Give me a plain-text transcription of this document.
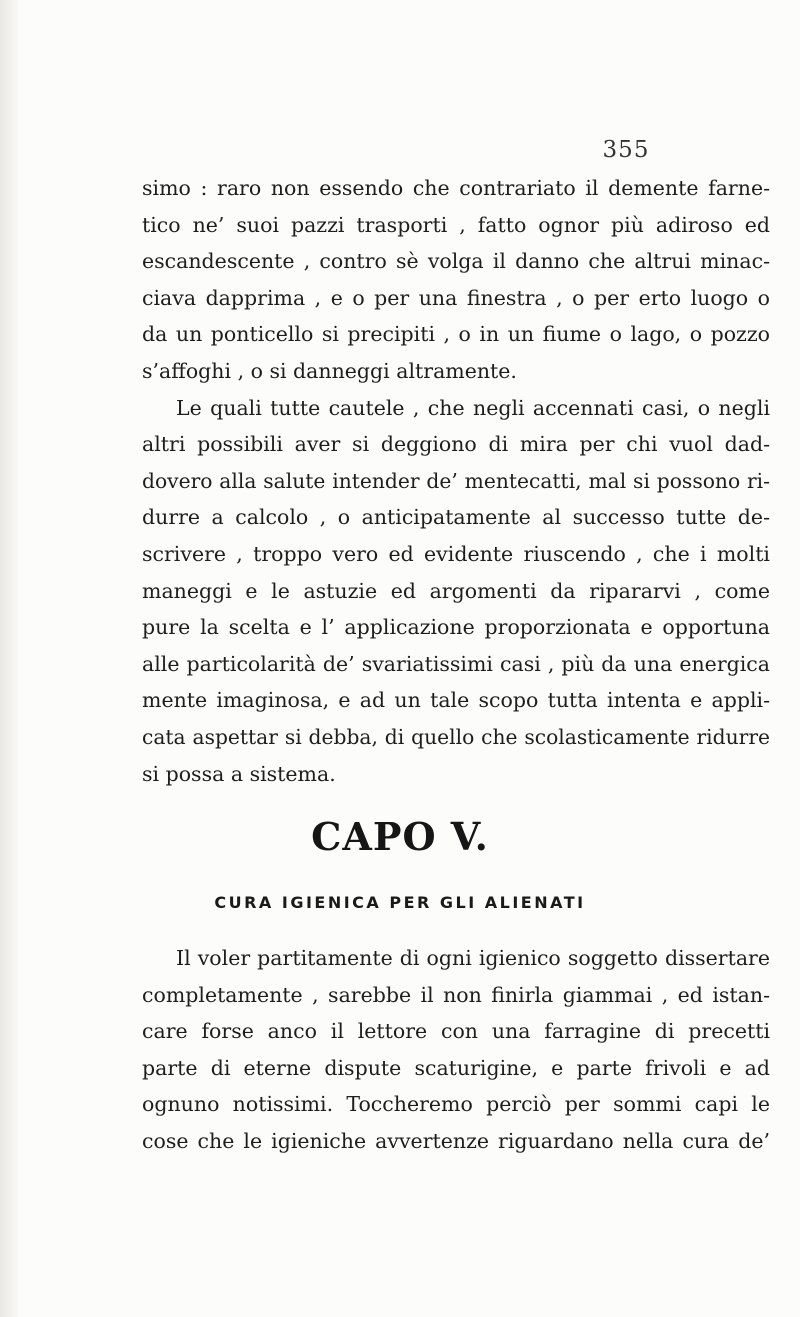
355
simo : raro non essendo che contrariato il demente farne-
tico ne’ suoi pazzi trasporti , fatto ognor più adiroso ed
escandescente , contro sè volga il danno che altrui minac-
ciava dapprima , e o per una finestra , o per erto luogo o
da un ponticello si precipiti , o in un fiume o lago, o pozzo
s’affoghi , o si danneggi altramente.
Le quali tutte cautele , che negli accennati casi, o negli
altri possibili aver si deggiono di mira per chi vuol dad-
dovero alla salute intender de’ mentecatti, mal si possono ri-
durre a calcolo , o anticipatamente al successo tutte de-
scrivere , troppo vero ed evidente riuscendo , che i molti
maneggi e le astuzie ed argomenti da ripararvi , come
pure la scelta e l’ applicazione proporzionata e opportuna
alle particolarità de’ svariatissimi casi , più da una energica
mente imaginosa, e ad un tale scopo tutta intenta e appli-
cata aspettar si debba, di quello che scolasticamente ridurre
si possa a sistema.
CAPO V.
CURA IGIENICA PER GLI ALIENATI
Il voler partitamente di ogni igienico soggetto dissertare
completamente , sarebbe il non finirla giammai , ed istan-
care forse anco il lettore con una farragine di precetti
parte di eterne dispute scaturigine, e parte frivoli e ad
ognuno notissimi. Toccheremo perciò per sommi capi le
cose che le igieniche avvertenze riguardano nella cura de’
